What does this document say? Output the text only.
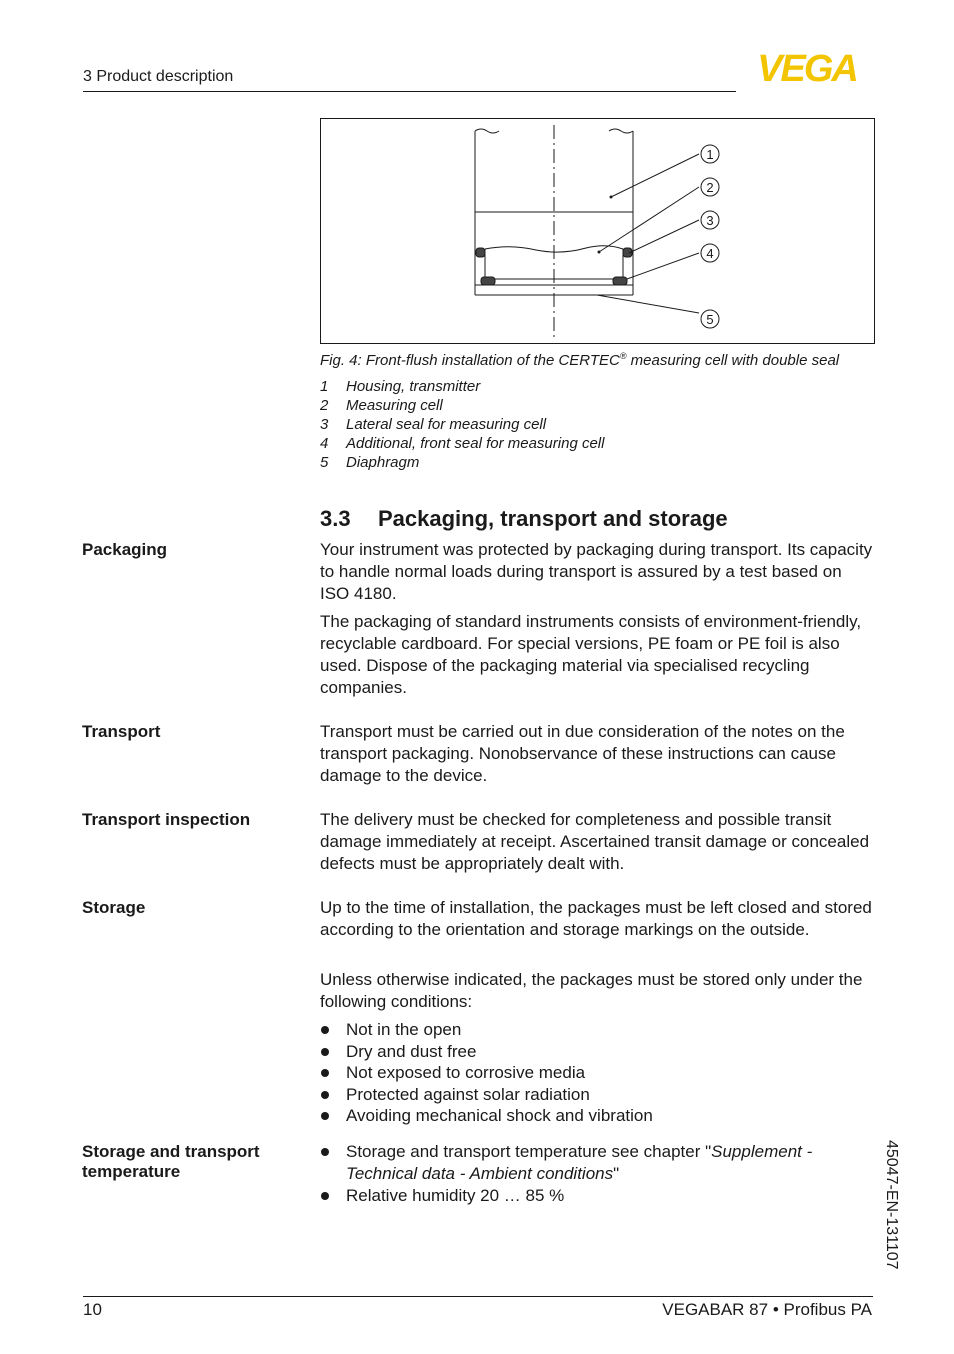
3 Product description	VEGA
1
2
3
4
5
Fig. 4: Front-flush installation of the CERTEC® measuring cell with double seal
1 Housing, transmitter
2 Measuring cell
3 Lateral seal for measuring cell
4 Additional, front seal for measuring cell
5 Diaphragm
3.3 Packaging, transport and storage
Packaging	Your instrument was protected by packaging during transport. Its capacity to handle normal loads during transport is assured by a test based on ISO 4180.
The packaging of standard instruments consists of environment-friendly, recyclable cardboard. For special versions, PE foam or PE foil is also used. Dispose of the packaging material via specialised recycling companies.
Transport	Transport must be carried out in due consideration of the notes on the transport packaging. Nonobservance of these instructions can cause damage to the device.
Transport inspection	The delivery must be checked for completeness and possible transit damage immediately at receipt. Ascertained transit damage or concealed defects must be appropriately dealt with.
Storage	Up to the time of installation, the packages must be left closed and stored according to the orientation and storage markings on the outside.
Unless otherwise indicated, the packages must be stored only under the following conditions:
Not in the open
Dry and dust free
Not exposed to corrosive media
Protected against solar radiation
Avoiding mechanical shock and vibration
Storage and transport temperature
Storage and transport temperature see chapter "Supplement - Technical data - Ambient conditions"
Relative humidity 20 … 85 %	45047-EN-131107
10	VEGABAR 87 • Profibus PA
